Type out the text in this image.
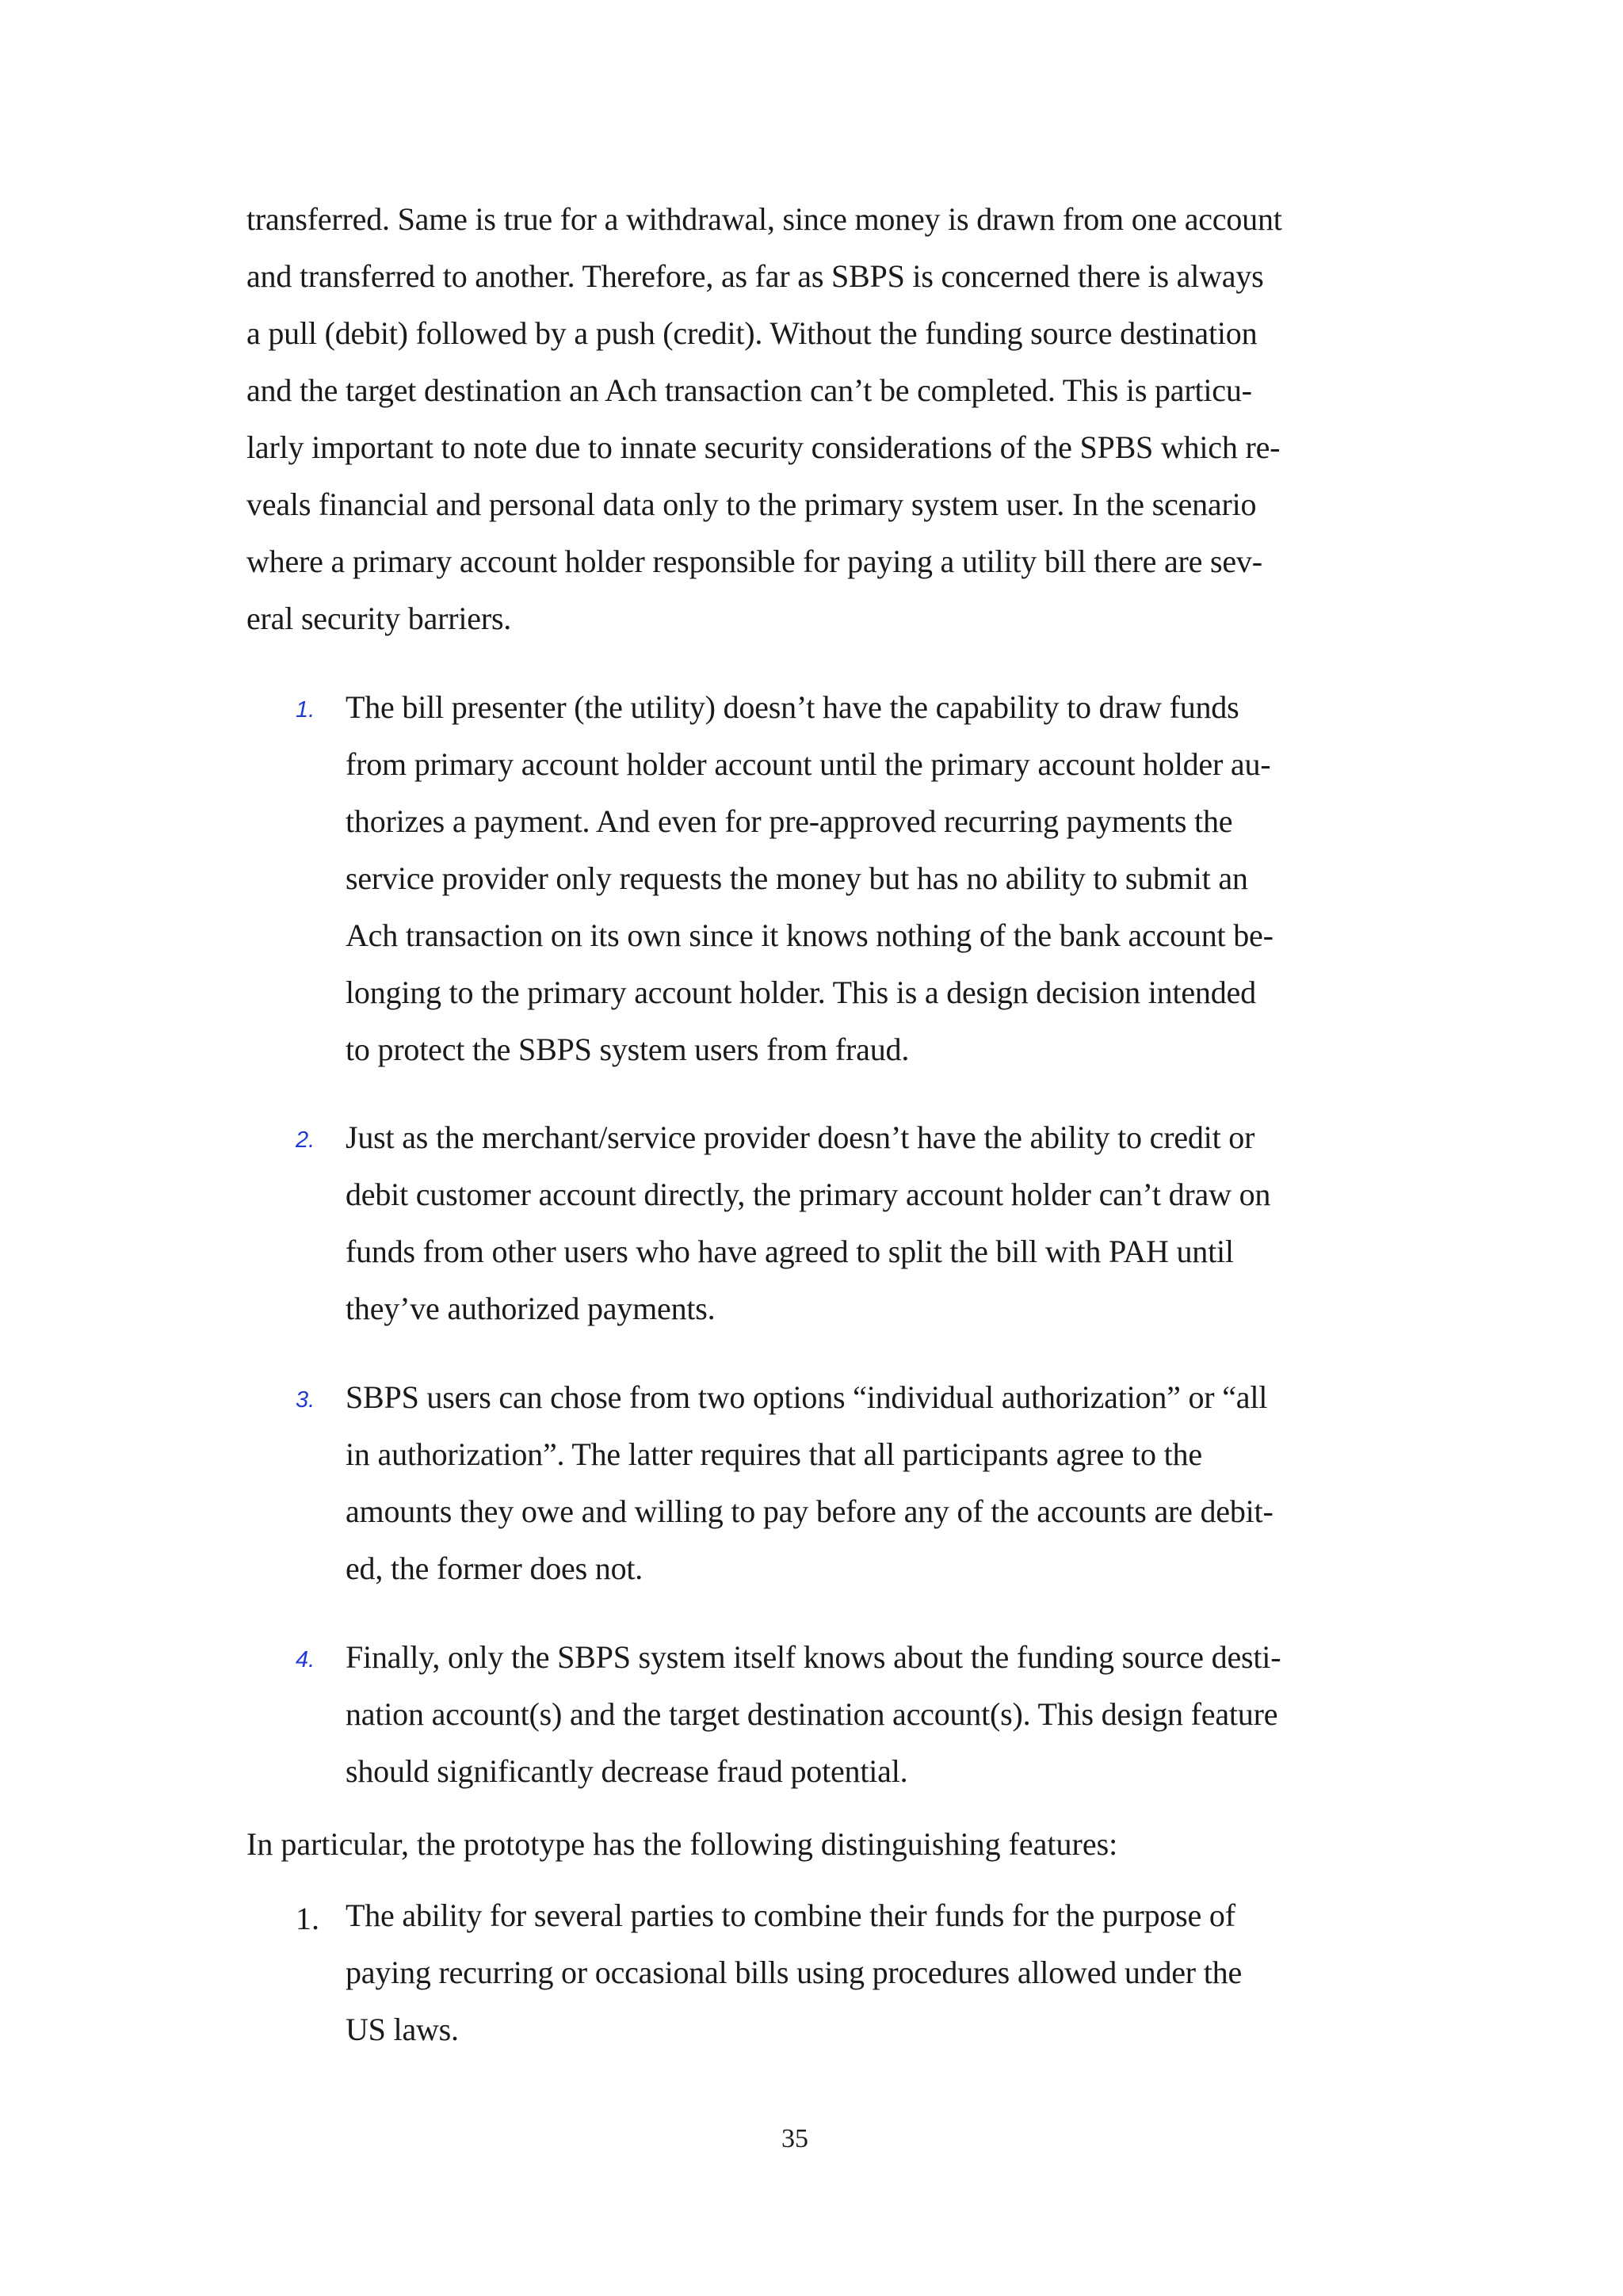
transferred. Same is true for a withdrawal, since money is drawn from one account
and transferred to another. Therefore, as far as SBPS is concerned there is always
a pull (debit) followed by a push (credit). Without the funding source destination
and the target destination an Ach transaction can’t be completed. This is particu-
larly important to note due to innate security considerations of the SPBS which re-
veals financial and personal data only to the primary system user. In the scenario
where a primary account holder responsible for paying a utility bill there are sev-
eral security barriers.
1. The bill presenter (the utility) doesn’t have the capability to draw funds
from primary account holder account until the primary account holder au-
thorizes a payment. And even for pre-approved recurring payments the
service provider only requests the money but has no ability to submit an
Ach transaction on its own since it knows nothing of the bank account be-
longing to the primary account holder. This is a design decision intended
to protect the SBPS system users from fraud.
2. Just as the merchant/service provider doesn’t have the ability to credit or
debit customer account directly, the primary account holder can’t draw on
funds from other users who have agreed to split the bill with PAH until
they’ve authorized payments.
3. SBPS users can chose from two options “individual authorization” or “all
in authorization”. The latter requires that all participants agree to the
amounts they owe and willing to pay before any of the accounts are debit-
ed, the former does not.
4. Finally, only the SBPS system itself knows about the funding source desti-
nation account(s) and the target destination account(s). This design feature
should significantly decrease fraud potential.
In particular, the prototype has the following distinguishing features:
1. The ability for several parties to combine their funds for the purpose of
paying recurring or occasional bills using procedures allowed under the
US laws.
35
